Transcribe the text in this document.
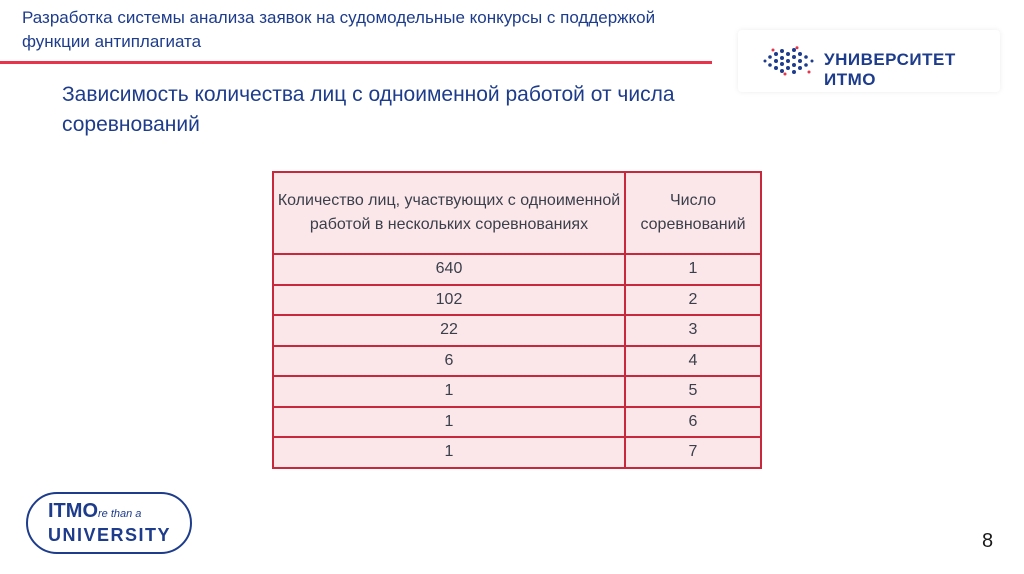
Разработка системы анализа заявок на судомодельные конкурсы с поддержкой функции антиплагиата
УНИВЕРСИТЕТ ИТМО
Зависимость количества лиц с одноименной работой от числа соревнований
Количество лиц, участвующих с одноименной работой в нескольких соревнованиях	Число соревнований
640	1
102	2
22	3
6	4
1	5
1	6
1	7
ITMOre than a
UNIVERSITY	8
